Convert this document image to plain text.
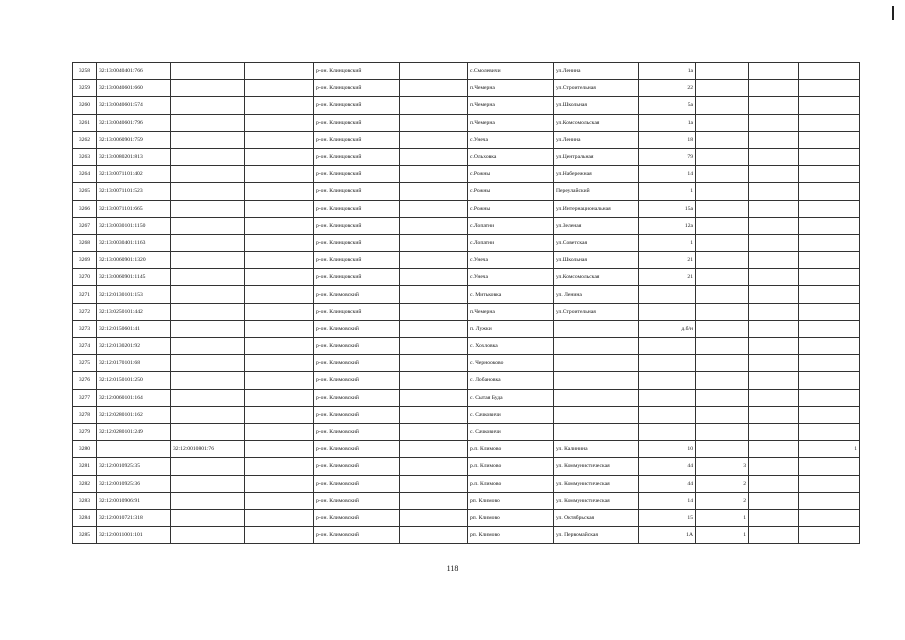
3258	32:13:0040401:766			р-он. Клинцовский		с.Смолевичи	ул.Ленина	1а			
3259	32:13:0040601:660			р-он. Клинцовский		п.Чемерна	ул.Строительная	22			
3260	32:13:0040601:574			р-он. Клинцовский		п.Чемерна	ул.Школьная	5а			
3261	32:13:0040601:796			р-он. Клинцовский		п.Чемерна	ул.Комсомольская	1а			
3262	32:13:0060901:759			р-он. Клинцовский		с.Унеча	ул.Ленина	18			
3263	32:13:0080201:813			р-он. Клинцовский		с.Ольховка	ул.Центральная	79			
3264	32:13:0071101:402			р-он. Клинцовский		с.Рожны	ул.Набережная	14			
3265	32:13:0071101:523			р-он. Клинцовский		с.Рожны	Переулайский	1			
3266	32:13:0071101:665			р-он. Клинцовский		с.Рожны	ул.Интернациональная	15а			
3267	32:13:0030101:1150			р-он. Клинцовский		с.Лопатни	ул.Зеленая	12а			
3268	32:13:0030401:1163			р-он. Клинцовский		с.Лопатни	ул.Советская	1			
3269	32:13:0060901:1320			р-он. Клинцовский		с.Унеча	ул.Школьная	21			
3270	32:13:0060901:1145			р-он. Клинцовский		с.Унеча	ул.Комсомольская	21			
3271	32:12:0130101:153			р-он. Климовский		с. Митьковка	ул. Ленина				
3272	32:13:0250101:442			р-он. Клинцовский		п.Чемерна	ул.Строительная				
3273	32:12:0150601:41			р-он. Климовский		п. Лужки		д.б/н			
3274	32:12:0130201:92			р-он. Климовский		с. Хохловка					
3275	32:12:0170101:68			р-он. Климовский		с. Чернооково					
3276	32:12:0150101:250			р-он. Климовский		с. Лобановка					
3277	32:12:0060101:164			р-он. Климовский		с. Сытая Буда					
3278	32:12:0280101:162			р-он. Климовский		с. Сачковичи					
3279	32:12:0280101:249			р-он. Климовский		с. Сачковичи					
3280		32:12:0010801:76		р-он. Климовский		р.п. Климово	ул. Калинина	10			1
3281	32:12:0010925:35			р-он. Климовский		р.п. Климово	ул. Коммунистическая	44	3		
3282	32:12:0010925:36			р-он. Климовский		р.п. Климово	ул. Коммунистическая	44	2		
3283	32:12:0010906:91			р-он. Климовский		рп. Климово	ул. Коммунистическая	14	2		
3284	32:12:0010721:318			р-он. Климовский		рп. Климово	ул. Октябрьская	15	1		
3285	32:12:0011001:101			р-он. Климовский		рп. Климово	ул. Первомайская	1А	1		
118
